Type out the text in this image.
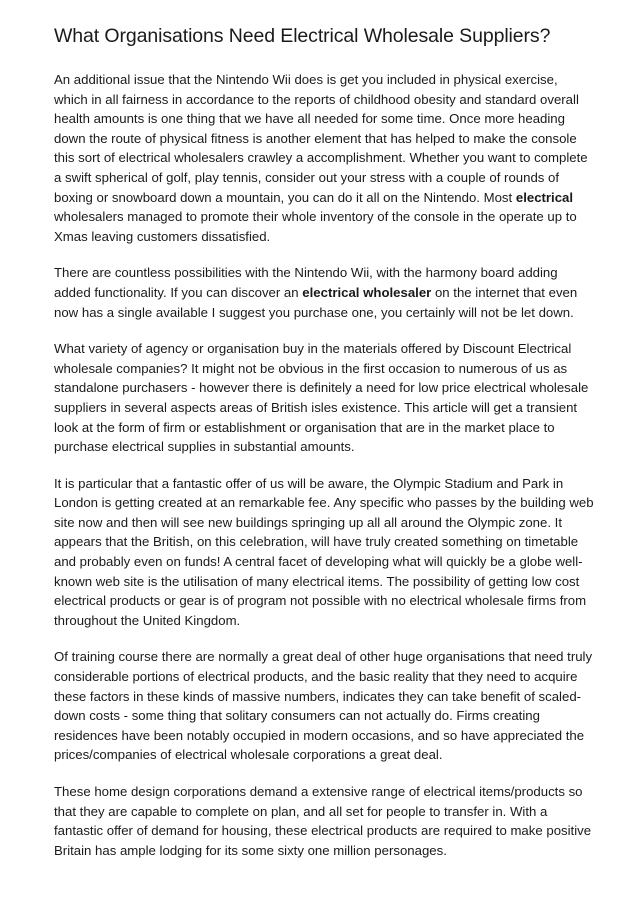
What Organisations Need Electrical Wholesale Suppliers?

An additional issue that the Nintendo Wii does is get you included in physical exercise, which in all fairness in accordance to the reports of childhood obesity and standard overall health amounts is one thing that we have all needed for some time. Once more heading down the route of physical fitness is another element that has helped to make the console this sort of electrical wholesalers crawley a accomplishment. Whether you want to complete a swift spherical of golf, play tennis, consider out your stress with a couple of rounds of boxing or snowboard down a mountain, you can do it all on the Nintendo. Most electrical wholesalers managed to promote their whole inventory of the console in the operate up to Xmas leaving customers dissatisfied.

There are countless possibilities with the Nintendo Wii, with the harmony board adding added functionality. If you can discover an electrical wholesaler on the internet that even now has a single available I suggest you purchase one, you certainly will not be let down.

What variety of agency or organisation buy in the materials offered by Discount Electrical wholesale companies? It might not be obvious in the first occasion to numerous of us as standalone purchasers - however there is definitely a need for low price electrical wholesale suppliers in several aspects areas of British isles existence. This article will get a transient look at the form of firm or establishment or organisation that are in the market place to purchase electrical supplies in substantial amounts.

It is particular that a fantastic offer of us will be aware, the Olympic Stadium and Park in London is getting created at an remarkable fee. Any specific who passes by the building web site now and then will see new buildings springing up all all around the Olympic zone. It appears that the British, on this celebration, will have truly created something on timetable and probably even on funds! A central facet of developing what will quickly be a globe well-known web site is the utilisation of many electrical items. The possibility of getting low cost electrical products or gear is of program not possible with no electrical wholesale firms from throughout the United Kingdom.

Of training course there are normally a great deal of other huge organisations that need truly considerable portions of electrical products, and the basic reality that they need to acquire these factors in these kinds of massive numbers, indicates they can take benefit of scaled-down costs - some thing that solitary consumers can not actually do. Firms creating residences have been notably occupied in modern occasions, and so have appreciated the prices/companies of electrical wholesale corporations a great deal.

These home design corporations demand a extensive range of electrical items/products so that they are capable to complete on plan, and all set for people to transfer in. With a fantastic offer of demand for housing, these electrical products are required to make positive Britain has ample lodging for its some sixty one million personages.
